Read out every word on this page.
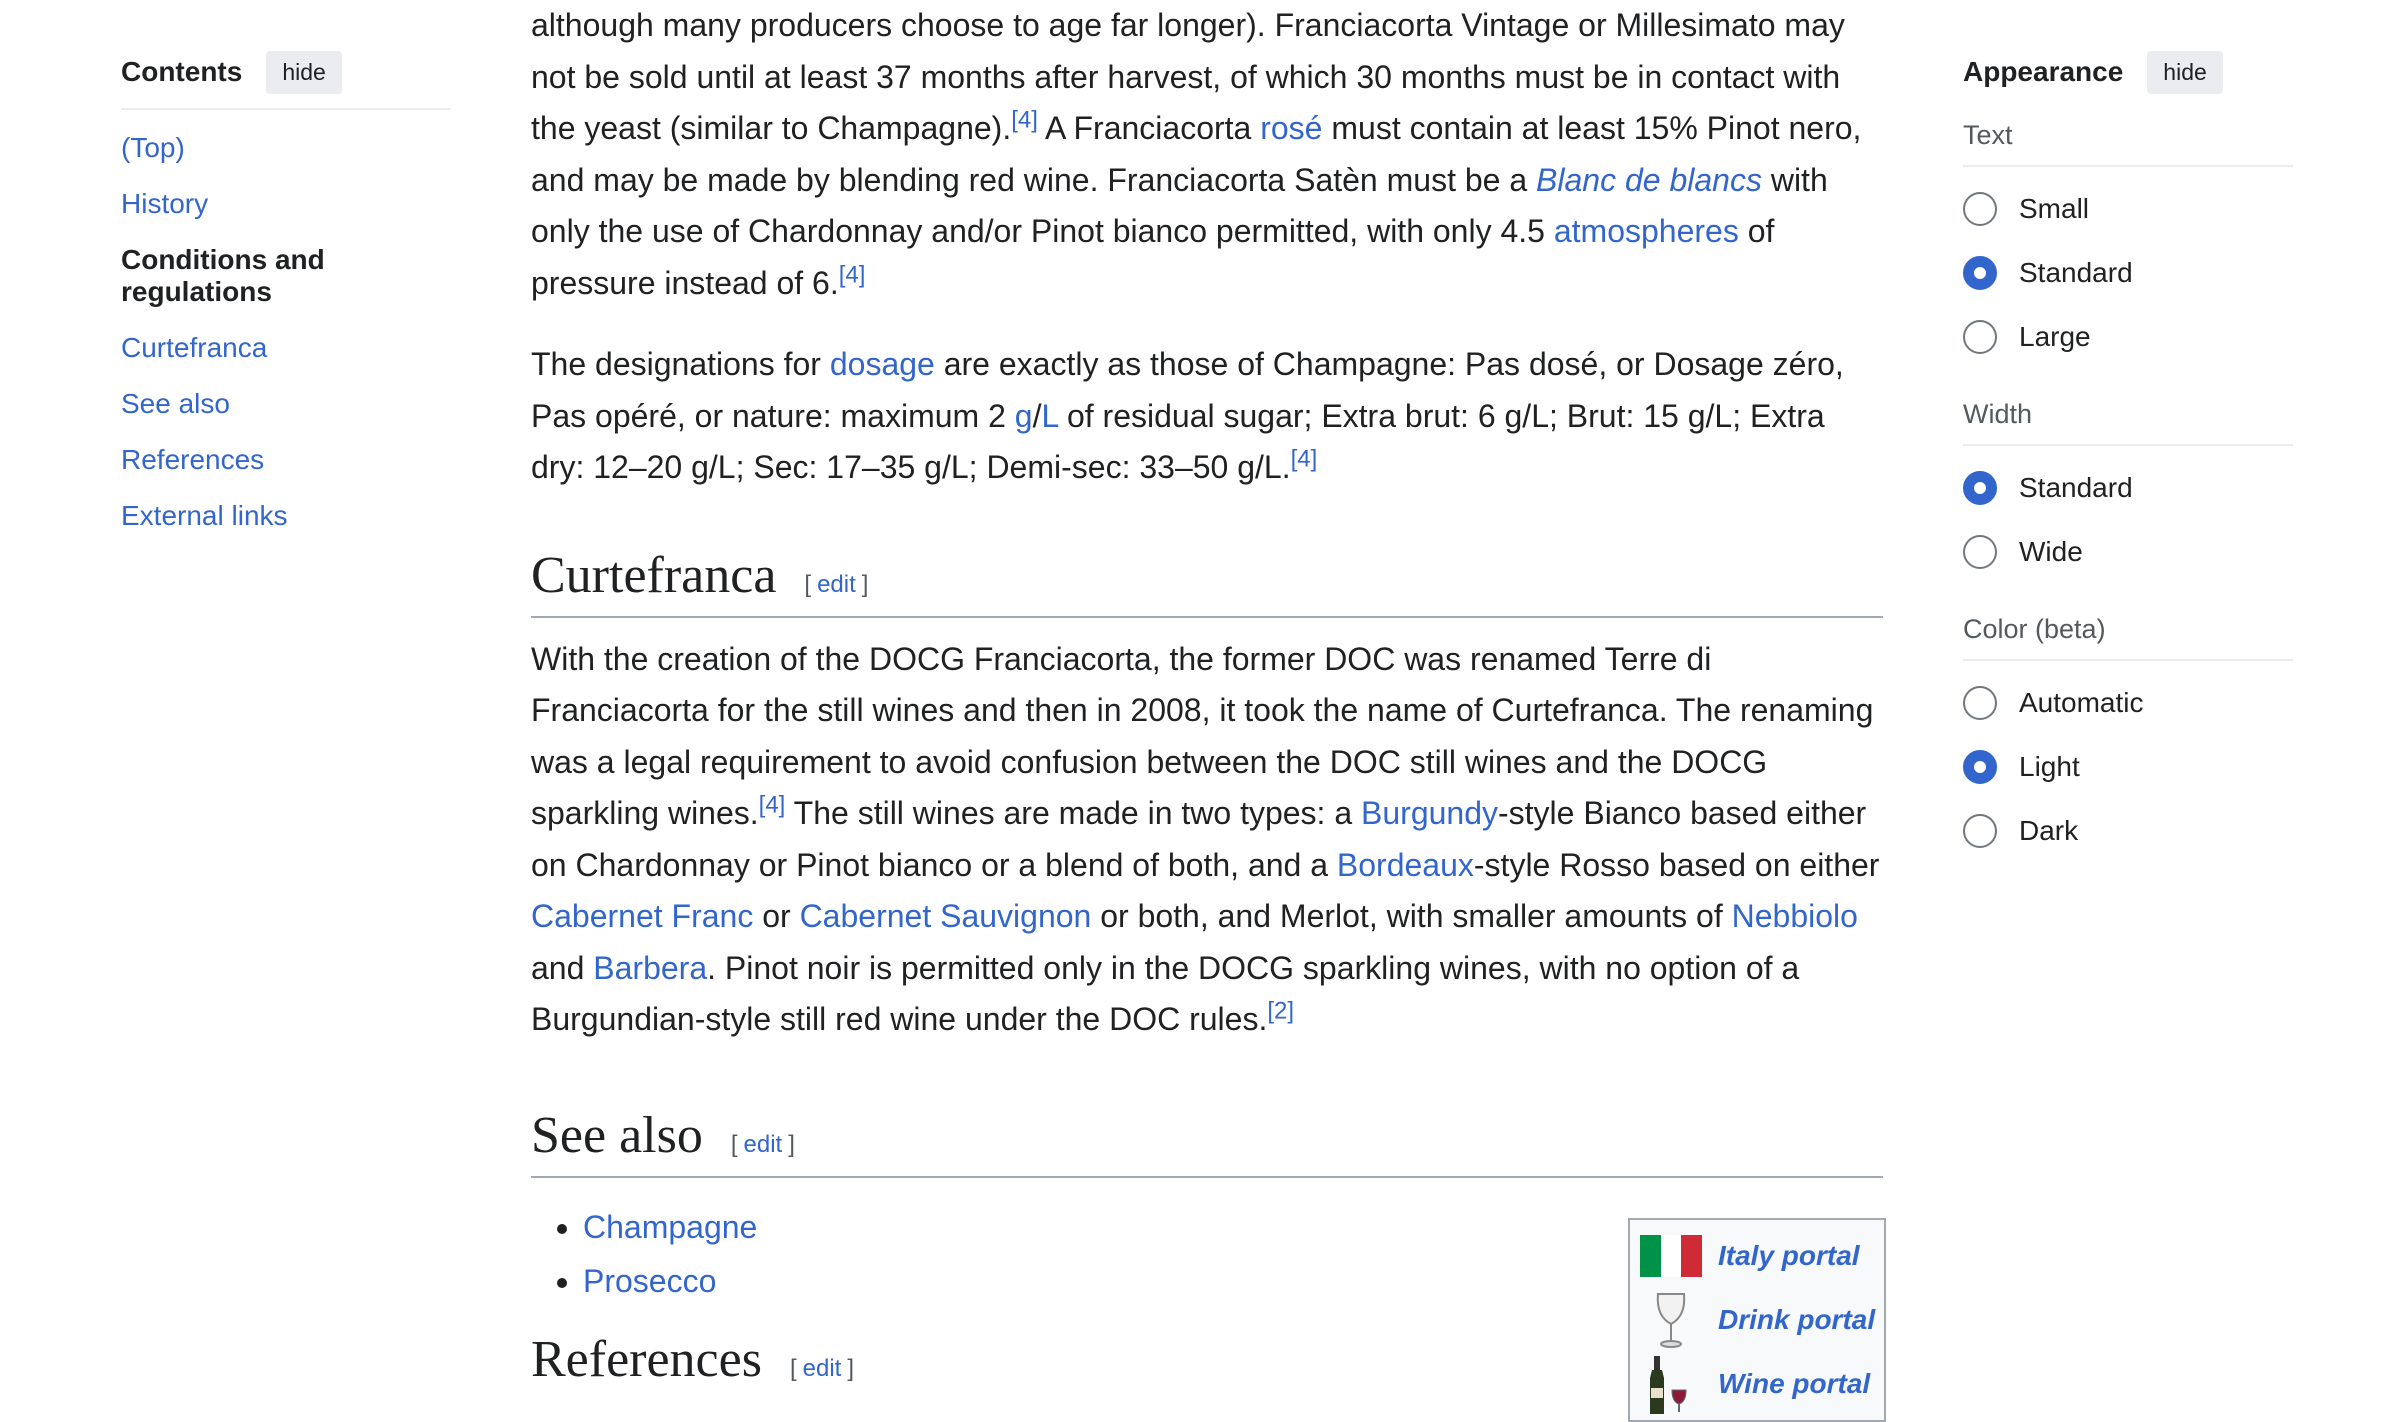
Contents	hide
(Top)
History
Conditions and regulations
Curtefranca
See also
References
External links

although many producers choose to age far longer). Franciacorta Vintage or Millesimato may not be sold until at least 37 months after harvest, of which 30 months must be in contact with the yeast (similar to Champagne).[4] A Franciacorta rosé must contain at least 15% Pinot nero, and may be made by blending red wine. Franciacorta Satèn must be a Blanc de blancs with only the use of Chardonnay and/or Pinot bianco permitted, with only 4.5 atmospheres of pressure instead of 6.[4]

The designations for dosage are exactly as those of Champagne: Pas dosé, or Dosage zéro, Pas opéré, or nature: maximum 2 g/L of residual sugar; Extra brut: 6 g/L; Brut: 15 g/L; Extra dry: 12–20 g/L; Sec: 17–35 g/L; Demi-sec: 33–50 g/L.[4]

Curtefranca [ edit ]

With the creation of the DOCG Franciacorta, the former DOC was renamed Terre di Franciacorta for the still wines and then in 2008, it took the name of Curtefranca. The renaming was a legal requirement to avoid confusion between the DOC still wines and the DOCG sparkling wines.[4] The still wines are made in two types: a Burgundy-style Bianco based either on Chardonnay or Pinot bianco or a blend of both, and a Bordeaux-style Rosso based on either Cabernet Franc or Cabernet Sauvignon or both, and Merlot, with smaller amounts of Nebbiolo and Barbera. Pinot noir is permitted only in the DOCG sparkling wines, with no option of a Burgundian-style still red wine under the DOC rules.[2]

See also [ edit ]
• Champagne
• Prosecco
References [ edit ]
Italy portal
Drink portal
Wine portal
Appearance	hide
Text
Small
Standard
Large
Width
Standard
Wide
Color (beta)
Automatic
Light
Dark
